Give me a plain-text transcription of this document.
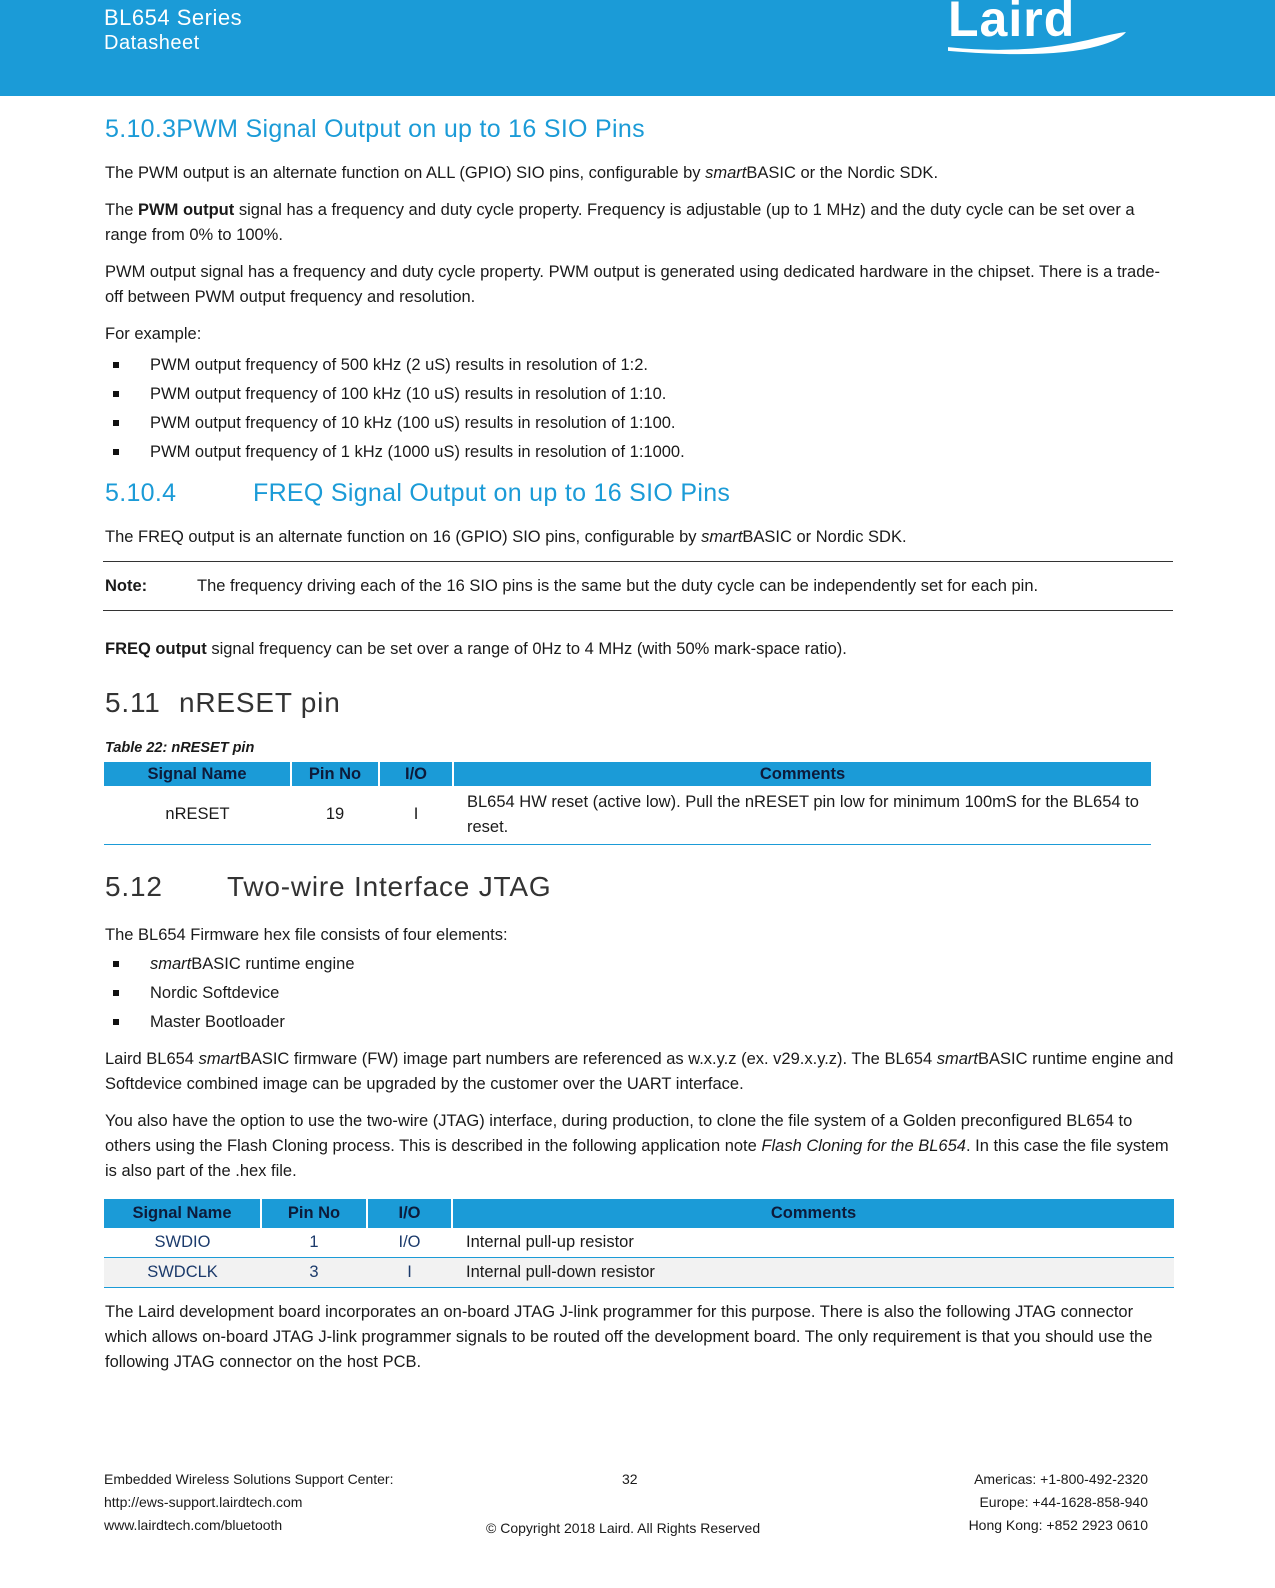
BL654 Series
Datasheet	Laird
5.10.3PWM Signal Output on up to 16 SIO Pins
The PWM output is an alternate function on ALL (GPIO) SIO pins, configurable by smartBASIC or the Nordic SDK.
The PWM output signal has a frequency and duty cycle property. Frequency is adjustable (up to 1 MHz) and the duty cycle can be set over a range from 0% to 100%.
PWM output signal has a frequency and duty cycle property. PWM output is generated using dedicated hardware in the chipset. There is a trade-off between PWM output frequency and resolution.
For example:
PWM output frequency of 500 kHz (2 uS) results in resolution of 1:2.
PWM output frequency of 100 kHz (10 uS) results in resolution of 1:10.
PWM output frequency of 10 kHz (100 uS) results in resolution of 1:100.
PWM output frequency of 1 kHz (1000 uS) results in resolution of 1:1000.
5.10.4	FREQ Signal Output on up to 16 SIO Pins
The FREQ output is an alternate function on 16 (GPIO) SIO pins, configurable by smartBASIC or Nordic SDK.
Note:	The frequency driving each of the 16 SIO pins is the same but the duty cycle can be independently set for each pin.
FREQ output signal frequency can be set over a range of 0Hz to 4 MHz (with 50% mark-space ratio).
5.11 nRESET pin
Table 22: nRESET pin
Signal Name	Pin No	I/O	Comments
nRESET	19	I	BL654 HW reset (active low). Pull the nRESET pin low for minimum 100mS for the BL654 to reset.
5.12 Two-wire Interface JTAG
The BL654 Firmware hex file consists of four elements:
smartBASIC runtime engine
Nordic Softdevice
Master Bootloader
Laird BL654 smartBASIC firmware (FW) image part numbers are referenced as w.x.y.z (ex. v29.x.y.z). The BL654 smartBASIC runtime engine and Softdevice combined image can be upgraded by the customer over the UART interface.
You also have the option to use the two-wire (JTAG) interface, during production, to clone the file system of a Golden preconfigured BL654 to others using the Flash Cloning process. This is described in the following application note Flash Cloning for the BL654. In this case the file system is also part of the .hex file.
Signal Name	Pin No	I/O	Comments
SWDIO	1	I/O	Internal pull-up resistor
SWDCLK	3	I	Internal pull-down resistor
The Laird development board incorporates an on-board JTAG J-link programmer for this purpose. There is also the following JTAG connector which allows on-board JTAG J-link programmer signals to be routed off the development board. The only requirement is that you should use the following JTAG connector on the host PCB.
Embedded Wireless Solutions Support Center:
http://ews-support.lairdtech.com
www.lairdtech.com/bluetooth
32
© Copyright 2018 Laird. All Rights Reserved
Americas: +1-800-492-2320
Europe: +44-1628-858-940
Hong Kong: +852 2923 0610
